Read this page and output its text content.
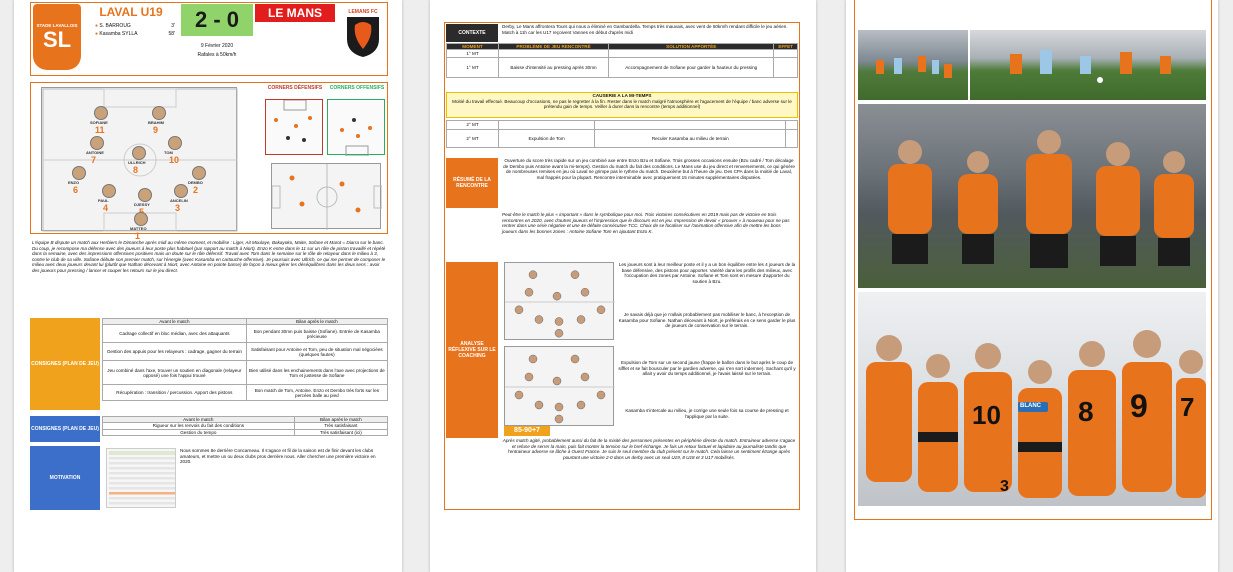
STADE LAVALLOIS
SL
LAVAL U19
● S. BARROUG	3'
● Kasamba SYLLA	58'
2 - 0	LE MANS
9 Février 2020
Rafales à 50km/h
LEMANS FC
SOFIANE
11
BRAHIM
9
ANTOINE
7
TOM
10
ULLRICH
8
ENZO
6
DEMBO
2
PAUL
4	DJESSY
ANCELIN
3
MATTEO
1
CORNERS DÉFENSIFS	CORNERS OFFENSIFS
L'équipe B dispute un match aux Herbiers le Dimanche après midi au même moment, et mobilise : Liger, Ait Moulaye, Bakayoko, Maite, Sofane et Marot = Diarra sur le banc. Du coup, je recompose ma défense avec des joueurs à leur poste plus habituel (par rapport au match à Niort). Enzo K entre dans le 11 sur un rôle de piston travaillé et répété dans la semaine, avec des impressions offensives positives mais un doute sur le rôle défensif. Travail avec Tom dans le semaine sur le rôle de relayeur dans le milieu à 3, contre le club de sa ville. Sofiane débute son premier match, sur l'énergie (avec Kasamba en cartouche offensive). Je poursuis avec Ullrich, ce qui me permet de composer le milieu avec deux joueurs devant lui (plutôt que Nathan décevant à Niort, avec Antoine en pointe basse) de façon à mieux gérer les déséquilibres dans les deux sens : avoir des joueurs pour pressing / lancer et couper les retours sur le jeu direct.
CONSIGNES (PLAN DE JEU)
Avant le match	Bilan après le match
Cadrage collectif en bloc médian, avec des attaquants	Bon pendant 30mn puis baisse (Sofiane). Entrée de Kasamba précieuse
Gestion des appuis pour les relayeurs : cadrage, gagner du terrain	Satisfaisant pour Antoine et Tom, peu de situation mal négociées (quelques fautes)
Jeu combiné dans l'axe, trouver un soutien en diagonale (relayeur opposé) une fois l'appui trouvé	Bien utilisé dans les enchainements dans l'axe avec projections de Tom et justesse de Sofiane
Récupération : transition / percussion. Apport des pistons	Bon match de Tom, Antoine. Enzo et Dembo très forts sur les percées balle au pied
CONSIGNES (PLAN DE JEU)
Avant le match	Bilan après le match
Rigueur sur les renvois du fait des conditions	Très satisfaisant
Gestion du tempo	Très satisfaisant (ici)
MOTIVATION
Nous sommes 8e derrière Concarneau. Il s'agace et fil de la saison est de finir devant les clubs amateurs, et mettre un ou deux clubs pros derrière nous. Aller chercher une première victoire en 2020.
CONTEXTE
Derby, Le Mans affrontera Tours qui nous a éliminé en Gambardella. Temps très mauvais, avec vent de 50km/h rendant difficile le jeu aérien. Match à 11h car les U17 reçoivent Vannes en début d'après midi
MOMENT	PROBLÈME DE JEU RENCONTRÉ	SOLUTION APPORTÉE	EFFET
1° MT			
1° MT	Baisse d'intensité au pressing après 30mn	Accompagnement de Sofiane pour garder la hauteur du pressing	
CAUSERIE A LA MI-TEMPS
Moitié du travail effectué. Beaucoup d'occasions, ne pas le regretter à la fin. Rester dans le match malgré l'atmosphère et l'agacement de l'équipe / banc adverse sur le prétendu gain de temps. Veiller à durer dans la rencontre (temps additionnel)
2° MT			
2° MT	Expulsion de Tom	Reculer Kasamba au milieu de terrain	
RÉSUMÉ DE LA RENCONTRE
Ouverture du score très rapide sur un jeu combiné axe entre Enzo Bzu et Sofiane. Trois grosses occasions ensuite (Bzu cadré / Tom décalage de Dembo puis Antoine avant la mi-temps). Gestion du match du fait des conditions. Le Mans use du jeu direct et renversements, ce qui génère de nombreuses remises en jeu où Laval ne grimpe pas le rythme du match. Deuxième but à l'heure de jeu. Des CPA dans la moitié de Laval, mal frappés pour la plupart. Rencontre interminable avec pratiquement 15 minutes supplémentaires disputées.
Peut-être le match le plus « important » dans le symbolique pour moi. Trois victoires consécutives en 2019 mais pas de victoire en trois rencontres en 2020, avec d'autres joueurs et l'impression que le discours est en jeu. Impression de devoir « prouver » à nouveau pour ne pas rentrer dans une série négative et une 4e défaite consécutive TCC. Choix de se focaliser sur l'animation offensive afin de mettre les bons joueurs dans les bonnes zones : Antoine Sofiane Tom en ajoutant Enzo K.
ANALYSE RÉFLEXIVE SUR LE COACHING
85-90+7
Les joueurs sont à leur meilleur poste et il y a un bon équilibre entre les 4 joueurs de la base défensive, des pistons pour apporter. Variété dans les profils des milieux, avec l'occupation des zones par Antoine. Sofiane et Tom sont en mesure d'apporter du soutien à Bzu.
Je savais déjà que je n'allais probablement pas mobiliser le banc, à l'exception de Kasamba pour Sofiane. Nathan décevant à Niort, je préférais en ce sens garder le plus de joueurs de conservation sur le terrain.
Expulsion de Tom sur un second jaune (frappe le ballon dans le but après le coup de sifflet et se fait bousculer par le gardien adverse, qui s'en sort indemne). Sachant qu'il y allait y avoir du temps additionnel, je l'avais laissé sur le terrain.
Kasamba s'intercale au milieu, je corrige une seule fois sa course de pressing et l'applique par la suite.
Après match agité, probablement aussi du fait de la mixité des personnes présentes en périphérie directe du match. Entraineur adverse s'agace et refuse de serrer la main, puis fait monter la tension sur le bref échange. Je fais un retour factuel et lapidaire au journaliste tandis que l'entraineur adverse se lâche à Ouest France. Je suis le seul membre du club présent sur le match. Cela laisse un sentiment étrange après pourtant une victoire 2-0 dans un derby avec un seul U19, 8 U18 et 3 U17 mobilisés.
10	8 9 7
3
BLANC
